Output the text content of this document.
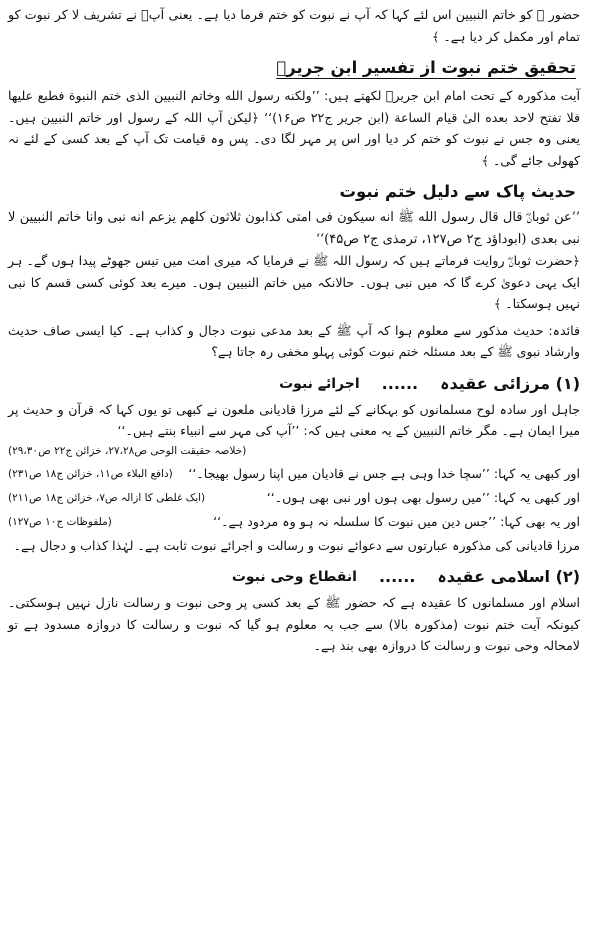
حضور ﷺ کو خاتم النبیین اس لئے کہا کہ آپ نے نبوت کو ختم فرما دیا ہے۔ یعنی آپؐ نے تشریف لا کر نبوت کو تمام اور مکمل کر دیا ہے۔ ﴾

تحقیق ختم نبوت از تفسیر ابن جریرؒ

آیت مذکورہ کے تحت امام ابن جریرؒ لکھتے ہیں: ’’ولکنه رسول الله وخاتم النبیین الذی ختم النبوة فطبع علیها فلا تفتح لاحد بعده الیٰ قیام الساعة (ابن جریر ج۲۲ ص۱۶)‘‘ ﴿لیکن آپ اللہ کے رسول اور خاتم النبیین ہیں۔ یعنی وہ جس نے نبوت کو ختم کر دیا اور اس پر مہر لگا دی۔ پس وہ قیامت تک آپ کے بعد کسی کے لئے نہ کھولی جائے گی۔ ﴾

حدیث پاک سے دلیل ختم نبوت

’’عن ثوبانؓ قال قال رسول الله ﷺ انه سیکون فی امتی کذابون ثلاثون کلهم یزعم انه نبی وانا خاتم النبیین لا نبی بعدی (ابوداؤد ج۲ ص۱۲۷، ترمذی ج۲ ص۴۵)‘‘

﴿حضرت ثوبانؓ روایت فرماتے ہیں کہ رسول اللہ ﷺ نے فرمایا کہ میری امت میں تیس جھوٹے پیدا ہوں گے۔ ہر ایک یہی دعویٰ کرے گا کہ میں نبی ہوں۔ حالانکہ میں خاتم النبیین ہوں۔ میرے بعد کوئی کسی قسم کا نبی نہیں ہوسکتا۔ ﴾

فائدہ: حدیث مذکور سے معلوم ہوا کہ آپ ﷺ کے بعد مدعی نبوت دجال و کذاب ہے۔ کیا ایسی صاف حدیث وارشاد نبوی ﷺ کے بعد مسئلہ ختم نبوت کوئی پہلو مخفی رہ جاتا ہے؟

(۱) مرزائی عقیدہ
......
اجرائے نبوت

جاہل اور سادہ لوح مسلمانوں کو بہکانے کے لئے مرزا قادیانی ملعون نے کبھی تو یوں کہا کہ قرآن و حدیث پر میرا ایمان ہے۔ مگر خاتم النبیین کے یہ معنی ہیں کہ: ’’آپ کی مہر سے انبیاء بنتے ہیں۔‘‘

(خلاصہ حقیقت الوحی ص۲۷،۲۸، خزائن ج۲۲ ص۲۹،۳۰)

اور کبھی یہ کہا: ’’سچا خدا وہی ہے جس نے قادیان میں اپنا رسول بھیجا۔‘‘
(دافع البلاء ص۱۱، خزائن ج۱۸ ص۲۳۱)
اور کبھی یہ کہا: ’’میں رسول بھی ہوں اور نبی بھی ہوں۔‘‘
(ایک غلطی کا ازالہ ص۷، خزائن ج۱۸ ص۲۱۱)
اور یہ بھی کہا: ’’جس دین میں نبوت کا سلسلہ نہ ہو وہ مردود ہے۔‘‘
(ملفوظات ج۱۰ ص۱۲۷)

مرزا قادیانی کی مذکورہ عبارتوں سے دعوائے نبوت و رسالت و اجرائے نبوت ثابت ہے۔ لہٰذا کذاب و دجال ہے۔

(۲) اسلامی عقیدہ
......
انقطاع وحی نبوت

اسلام اور مسلمانوں کا عقیدہ ہے کہ حضور ﷺ کے بعد کسی پر وحی نبوت و رسالت نازل نہیں ہوسکتی۔ کیونکہ آیت ختم نبوت (مذکورہ بالا) سے جب یہ معلوم ہو گیا کہ نبوت و رسالت کا دروازہ مسدود ہے تو لامحالہ وحی نبوت و رسالت کا دروازہ بھی بند ہے۔
